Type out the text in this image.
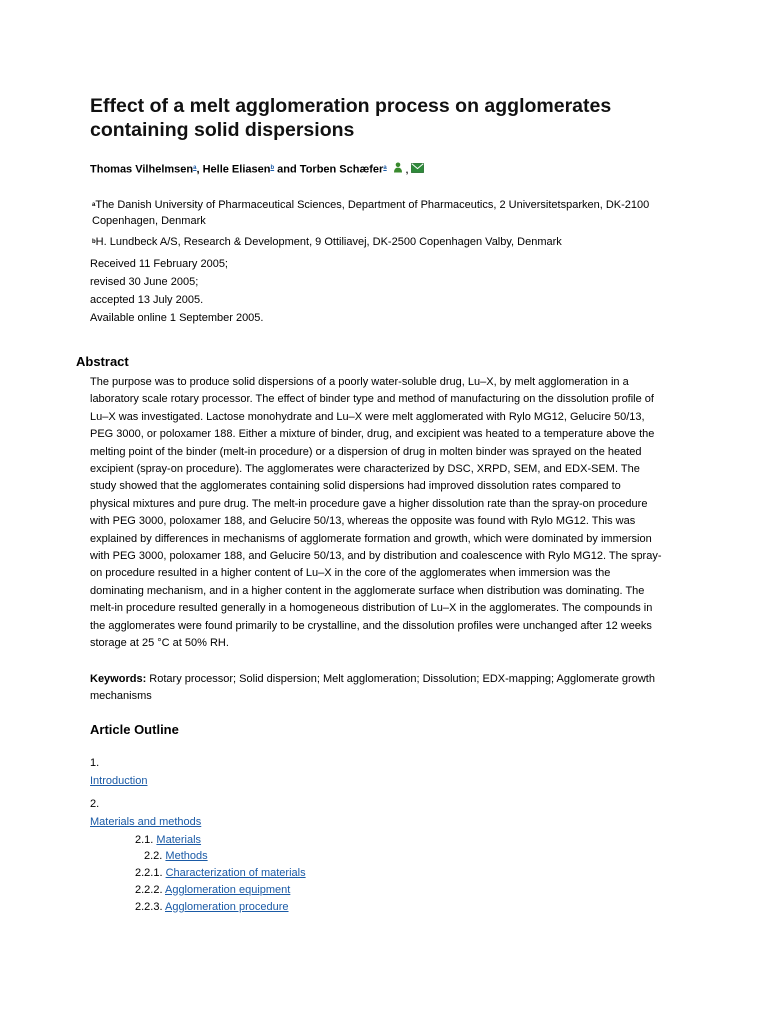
Effect of a melt agglomeration process on agglomerates containing solid dispersions
Thomas Vilhelmsen$^a$, Helle Eliasen$^b$ and Torben Schæfer$^a$ ,
$^a$The Danish University of Pharmaceutical Sciences, Department of Pharmaceutics, 2 Universitetsparken, DK-2100 Copenhagen, Denmark
$^b$H. Lundbeck A/S, Research & Development, 9 Ottiliavej, DK-2500 Copenhagen Valby, Denmark
Received 11 February 2005;
revised 30 June 2005;
accepted 13 July 2005.
Available online 1 September 2005.
Abstract
The purpose was to produce solid dispersions of a poorly water-soluble drug, Lu–X, by melt agglomeration in a
laboratory scale rotary processor. The effect of binder type and method of manufacturing on the dissolution profile of
Lu–X was investigated. Lactose monohydrate and Lu–X were melt agglomerated with Rylo MG12, Gelucire 50/13,
PEG 3000, or poloxamer 188. Either a mixture of binder, drug, and excipient was heated to a temperature above the
melting point of the binder (melt-in procedure) or a dispersion of drug in molten binder was sprayed on the heated
excipient (spray-on procedure). The agglomerates were characterized by DSC, XRPD, SEM, and EDX-SEM. The
study showed that the agglomerates containing solid dispersions had improved dissolution rates compared to
physical mixtures and pure drug. The melt-in procedure gave a higher dissolution rate than the spray-on procedure
with PEG 3000, poloxamer 188, and Gelucire 50/13, whereas the opposite was found with Rylo MG12. This was
explained by differences in mechanisms of agglomerate formation and growth, which were dominated by immersion
with PEG 3000, poloxamer 188, and Gelucire 50/13, and by distribution and coalescence with Rylo MG12. The spray-
on procedure resulted in a higher content of Lu–X in the core of the agglomerates when immersion was the
dominating mechanism, and in a higher content in the agglomerate surface when distribution was dominating. The
melt-in procedure resulted generally in a homogeneous distribution of Lu–X in the agglomerates. The compounds in
the agglomerates were found primarily to be crystalline, and the dissolution profiles were unchanged after 12 weeks
storage at 25 °C at 50% RH.
Keywords: Rotary processor; Solid dispersion; Melt agglomeration; Dissolution; EDX-mapping; Agglomerate growth mechanisms
Article Outline
1.
Introduction
2.
Materials and methods
2.1. Materials
2.2. Methods
2.2.1. Characterization of materials
2.2.2. Agglomeration equipment
2.2.3. Agglomeration procedure
